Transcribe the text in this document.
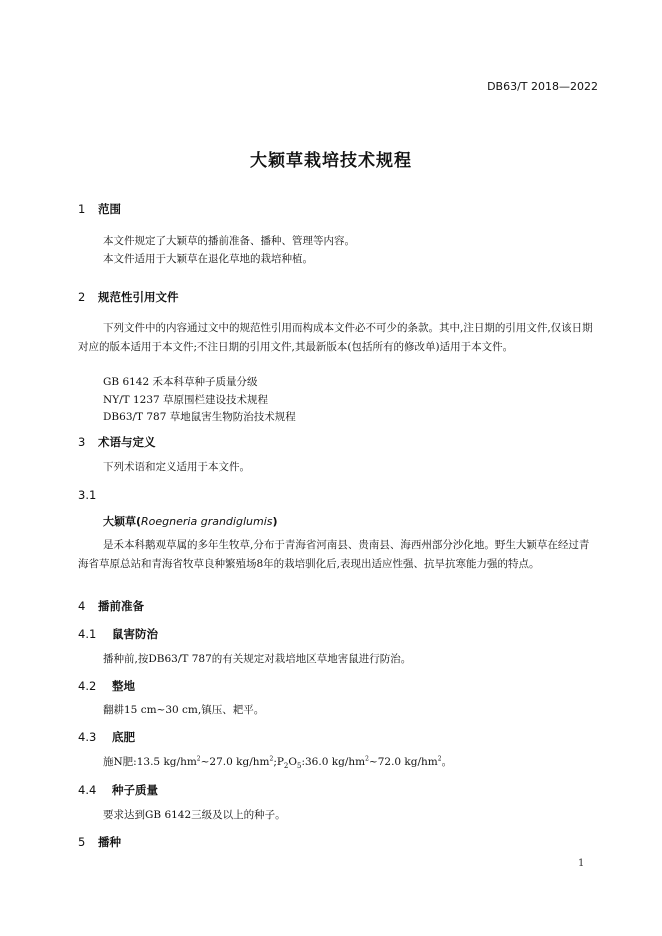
DB63/T 2018—2022
大颖草栽培技术规程
1 范围
本文件规定了大颖草的播前准备、播种、管理等内容。
本文件适用于大颖草在退化草地的栽培种植。
2 规范性引用文件
下列文件中的内容通过文中的规范性引用而构成本文件必不可少的条款。其中,注日期的引用文件,仅该日期对应的版本适用于本文件;不注日期的引用文件,其最新版本(包括所有的修改单)适用于本文件。
GB 6142 禾本科草种子质量分级
NY/T 1237 草原围栏建设技术规程
DB63/T 787 草地鼠害生物防治技术规程
3 术语与定义
下列术语和定义适用于本文件。
3.1
大颖草(Roegneria grandiglumis)
是禾本科鹅观草属的多年生牧草,分布于青海省河南县、贵南县、海西州部分沙化地。野生大颖草在经过青海省草原总站和青海省牧草良种繁殖场8年的栽培驯化后,表现出适应性强、抗旱抗寒能力强的特点。
4 播前准备
4.1 鼠害防治
播种前,按DB63/T 787的有关规定对栽培地区草地害鼠进行防治。
4.2 整地
翻耕15 cm~30 cm,镇压、耙平。
4.3 底肥
施N肥:13.5 $kg/hm^2\sim 27.0$ $kg/hm^2;P_2O_5:36.0$ $kg/hm^2\sim 72.0$ $kg/hm^2$。
4.4 种子质量
要求达到GB 6142三级及以上的种子。
5 播种
1
